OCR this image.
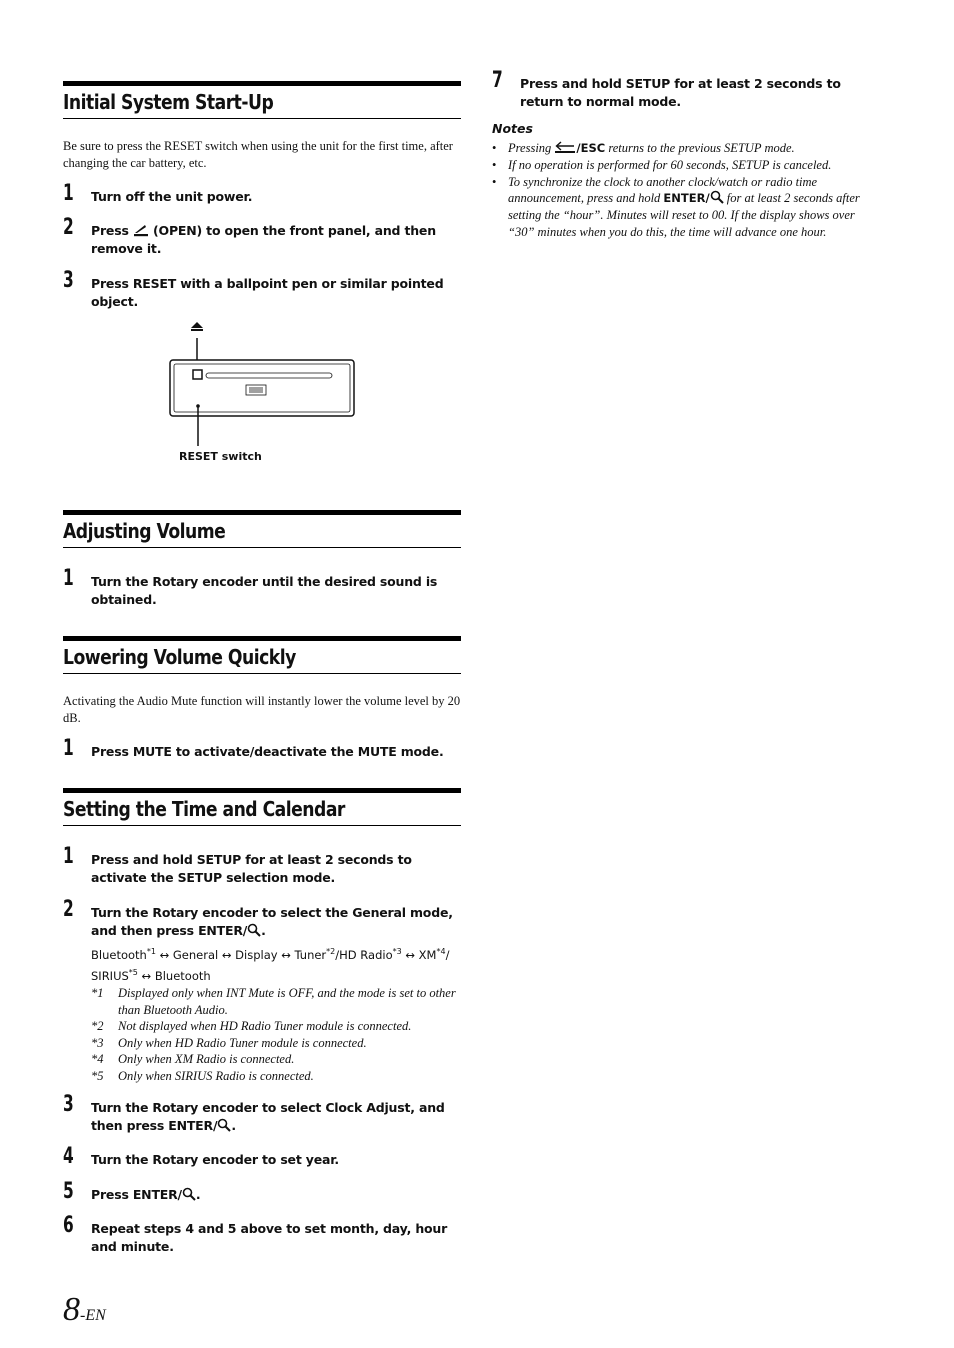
Initial System Start-Up
Be sure to press the RESET switch when using the unit for the first time, after changing the car battery, etc.
1 Turn off the unit power.
2 Press (OPEN) to open the front panel, and then remove it.
3 Press RESET with a ballpoint pen or similar pointed object.
RESET switch
Adjusting Volume
1 Turn the Rotary encoder until the desired sound is obtained.
Lowering Volume Quickly
Activating the Audio Mute function will instantly lower the volume level by 20 dB.
1 Press MUTE to activate/deactivate the MUTE mode.
Setting the Time and Calendar
1 Press and hold SETUP for at least 2 seconds to activate the SETUP selection mode.
2 Turn the Rotary encoder to select the General mode, and then press ENTER/ .
Bluetooth$^{*1}$ ↔ General ↔ Display ↔ Tuner$^{*2}$/HD Radio$^{*3}$ ↔ XM$^{*4}$/
SIRIUS$^{*5}$ ↔ Bluetooth
*1	Displayed only when INT Mute is OFF, and the mode is set to other than Bluetooth Audio.
*2	Not displayed when HD Radio Tuner module is connected.
*3	Only when HD Radio Tuner module is connected.
*4	Only when XM Radio is connected.
*5	Only when SIRIUS Radio is connected.
3 Turn the Rotary encoder to select Clock Adjust, and then press ENTER/ .
4 Turn the Rotary encoder to set year.
5 Press ENTER/ .
6 Repeat steps 4 and 5 above to set month, day, hour and minute.
7 Press and hold SETUP for at least 2 seconds to return to normal mode.
Notes
• Pressing /ESC returns to the previous SETUP mode.
• If no operation is performed for 60 seconds, SETUP is canceled.
• To synchronize the clock to another clock/watch or radio time announcement, press and hold ENTER/ for at least 2 seconds after setting the “hour”. Minutes will reset to 00. If the display shows over “30” minutes when you do this, the time will advance one hour.
8-EN
